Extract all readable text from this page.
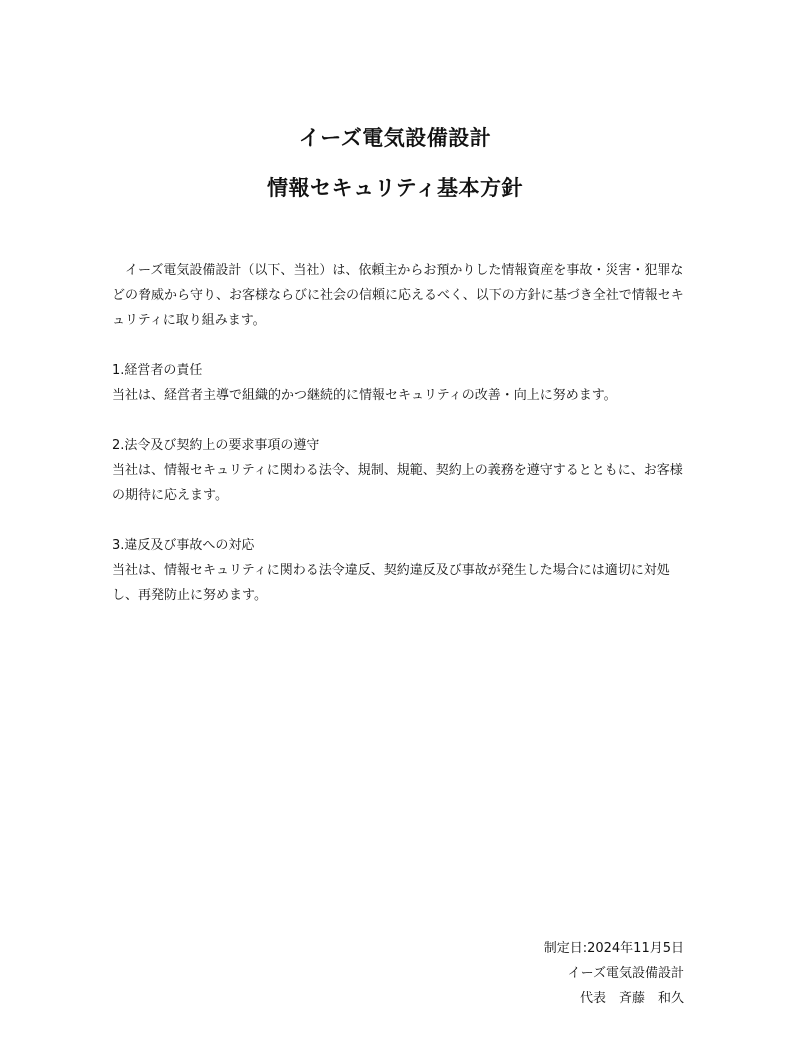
イーズ電気設備設計
情報セキュリティ基本方針

イーズ電気設備設計（以下、当社）は、依頼主からお預かりした情報資産を事故・災害・犯罪などの脅威から守り、お客様ならびに社会の信頼に応えるべく、以下の方針に基づき全社で情報セキュリティに取り組みます。

1.経営者の責任

当社は、経営者主導で組織的かつ継続的に情報セキュリティの改善・向上に努めます。

2.法令及び契約上の要求事項の遵守

当社は、情報セキュリティに関わる法令、規制、規範、契約上の義務を遵守するとともに、お客様の期待に応えます。

3.違反及び事故への対応

当社は、情報セキュリティに関わる法令違反、契約違反及び事故が発生した場合には適切に対処し、再発防止に努めます。

制定日:2024年11月5日

イーズ電気設備設計

代表　斉藤　和久
